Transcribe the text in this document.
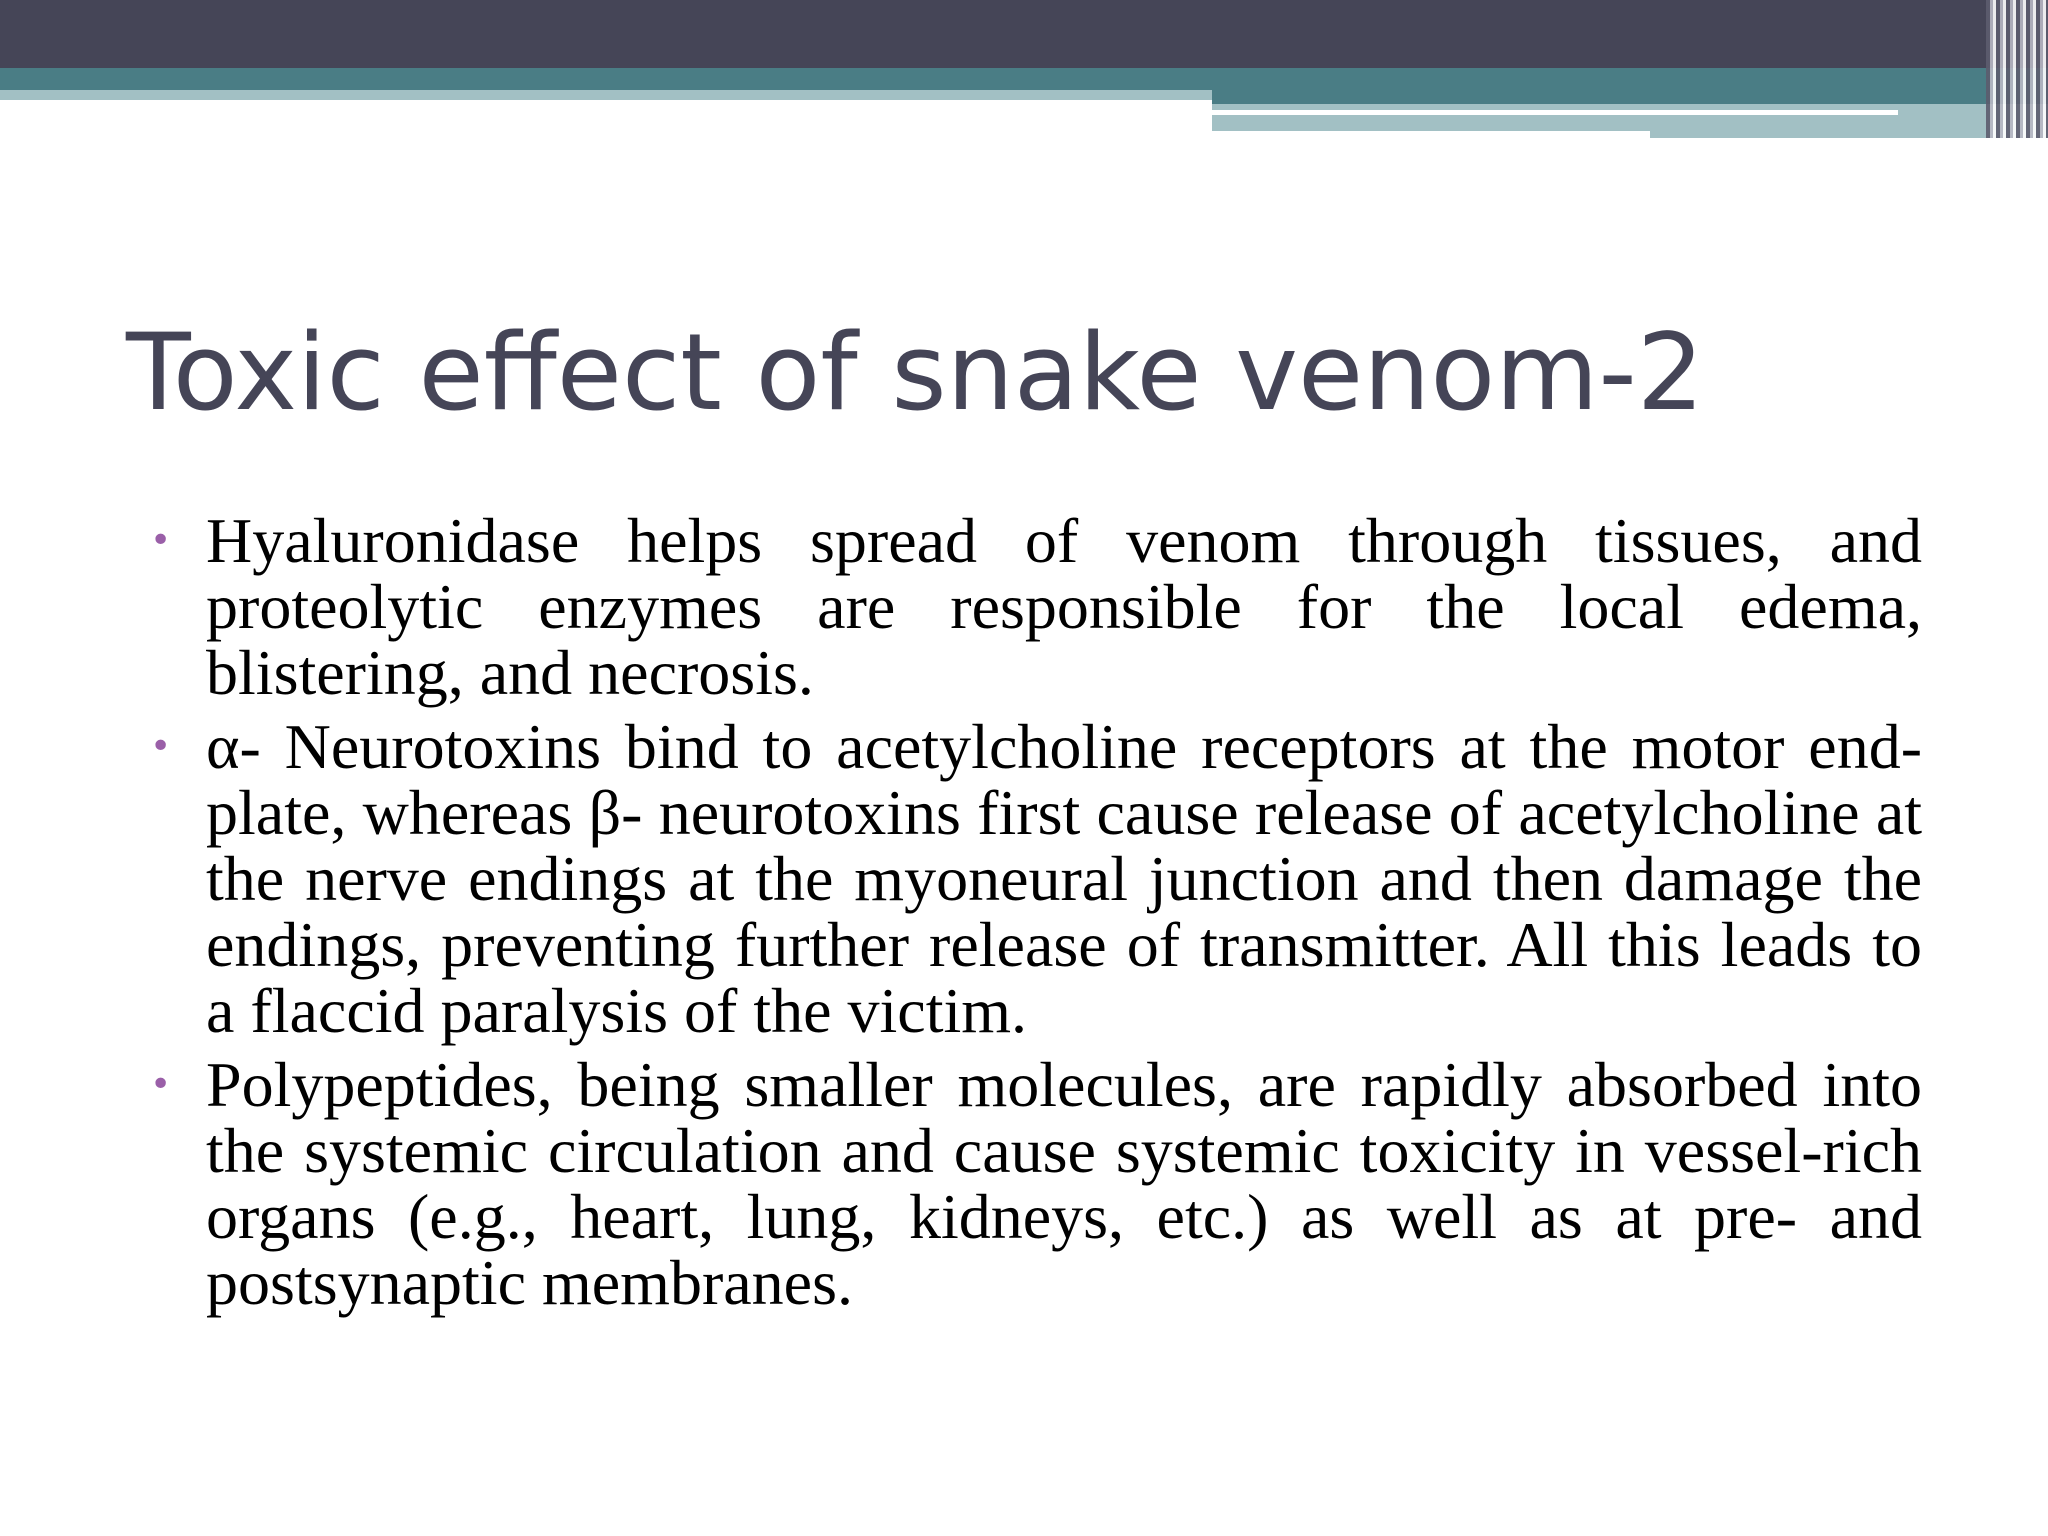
Toxic effect of snake venom-2
• Hyaluronidase helps spread of venom through tissues, and proteolytic enzymes are responsible for the local edema, blistering, and necrosis.
• α- Neurotoxins bind to acetylcholine receptors at the motor end-plate, whereas β- neurotoxins first cause release of acetylcholine at the nerve endings at the myoneural junction and then damage the endings, preventing further release of transmitter. All this leads to a flaccid paralysis of the victim.
• Polypeptides, being smaller molecules, are rapidly absorbed into the systemic circulation and cause systemic toxicity in vessel-rich organs (e.g., heart, lung, kidneys, etc.) as well as at pre- and postsynaptic membranes.
